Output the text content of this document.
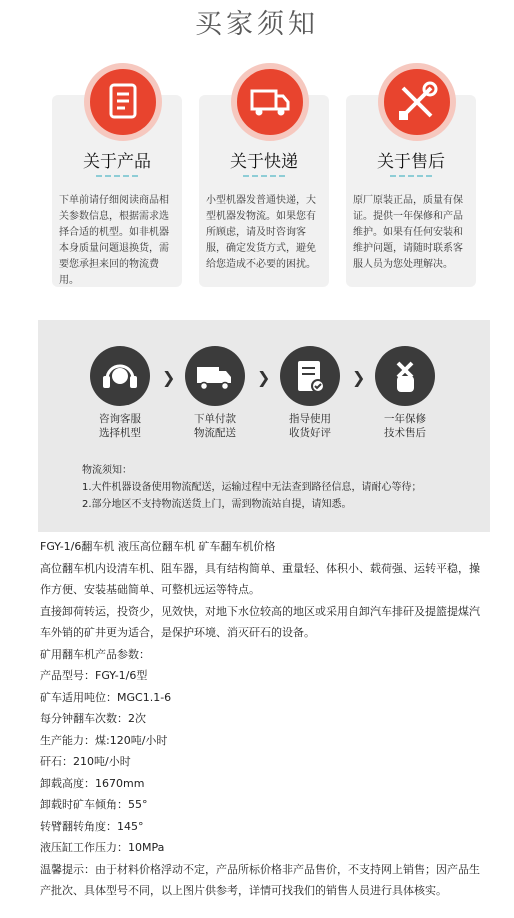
买家须知
关于产品

下单前请仔细阅读商品相关参数信息，根据需求选择合适的机型。如非机器本身质量问题退换货，需要您承担来回的物流费用。

关于快递

小型机器发普通快递，大型机器发物流。如果您有所顾虑，请及时咨询客服，确定发货方式，避免给您造成不必要的困扰。

关于售后

原厂原装正品，质量有保证。提供一年保修和产品维护。如果有任何安装和维护问题，请随时联系客服人员为您处理解决。

❯	❯	❯
咨询客服
选择机型
下单付款
物流配送
指导使用
收货好评
一年保修
技术售后
物流须知：
1.大件机器设备使用物流配送，运输过程中无法查到路径信息，请耐心等待；
2.部分地区不支持物流送货上门，需到物流站自提，请知悉。
FGY-1/6翻车机 液压高位翻车机 矿车翻车机价格
高位翻车机内设清车机、阻车器，具有结构简单、重量轻、体积小、载荷强、运转平稳，操作方便、安装基础简单、可整机远运等特点。
直接卸荷转运，投资少，见效快，对地下水位较高的地区或采用自卸汽车排矸及提篮提煤汽车外销的矿井更为适合，是保护环境、消灭矸石的设备。
矿用翻车机产品参数：
产品型号：FGY-1/6型
矿车适用吨位：MGC1.1-6
每分钟翻车次数：2次
生产能力：煤:120吨/小时
矸石：210吨/小时
卸载高度：1670mm
卸载时矿车倾角：55°
转臂翻转角度：145°
液压缸工作压力：10MPa
温馨提示：由于材料价格浮动不定，产品所标价格非产品售价，不支持网上销售；因产品生产批次、具体型号不同，以上图片供参考，详情可找我们的销售人员进行具体核实。
